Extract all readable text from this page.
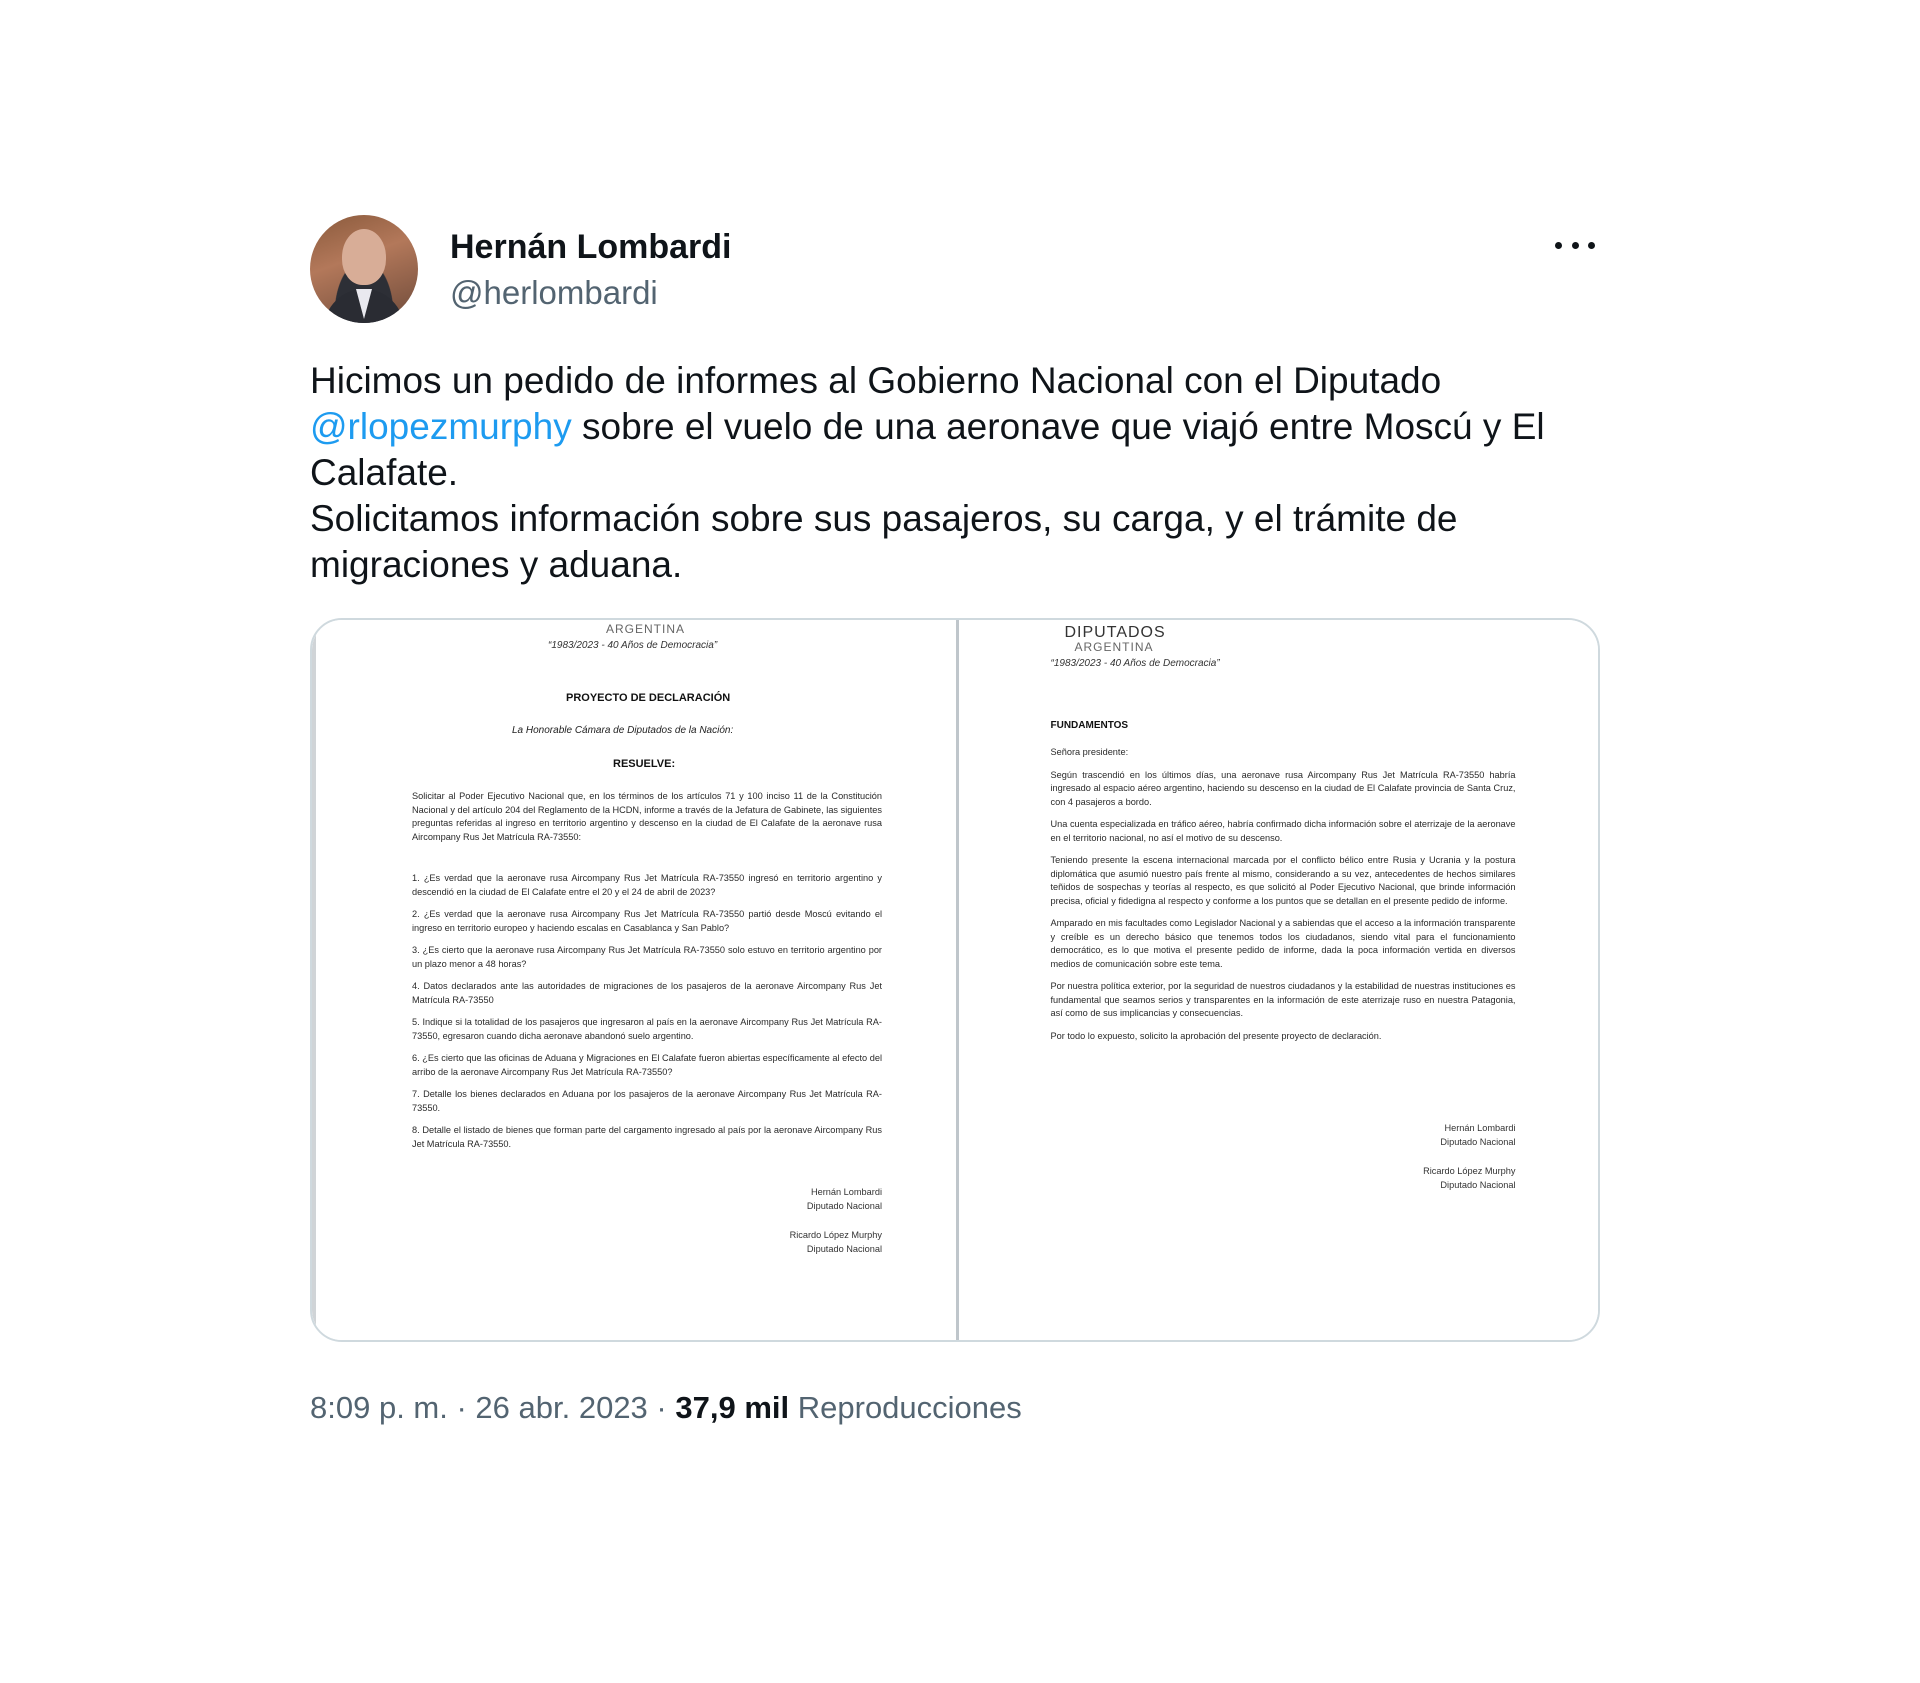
Hernán Lombardi
@herlombardi

Hicimos un pedido de informes al Gobierno Nacional con el Diputado
@rlopezmurphy sobre el vuelo de una aeronave que viajó entre Moscú y El Calafate.

Solicitamos información sobre sus pasajeros, su carga, y el trámite de migraciones y aduana.

ARGENTINA
“1983/2023 - 40 Años de Democracia”
PROYECTO DE DECLARACIÓN
La Honorable Cámara de Diputados de la Nación:
RESUELVE:

Solicitar al Poder Ejecutivo Nacional que, en los términos de los artículos 71 y 100 inciso 11 de la Constitución Nacional y del artículo 204 del Reglamento de la HCDN, informe a través de la Jefatura de Gabinete, las siguientes preguntas referidas al ingreso en territorio argentino y descenso en la ciudad de El Calafate de la aeronave rusa Aircompany Rus Jet Matrícula RA-73550:

1. ¿Es verdad que la aeronave rusa Aircompany Rus Jet Matrícula RA-73550 ingresó en territorio argentino y descendió en la ciudad de El Calafate entre el 20 y el 24 de abril de 2023?

2. ¿Es verdad que la aeronave rusa Aircompany Rus Jet Matrícula RA-73550 partió desde Moscú evitando el ingreso en territorio europeo y haciendo escalas en Casablanca y San Pablo?

3. ¿Es cierto que la aeronave rusa Aircompany Rus Jet Matrícula RA-73550 solo estuvo en territorio argentino por un plazo menor a 48 horas?

4. Datos declarados ante las autoridades de migraciones de los pasajeros de la aeronave Aircompany Rus Jet Matrícula RA-73550

5. Indique si la totalidad de los pasajeros que ingresaron al país en la aeronave Aircompany Rus Jet Matrícula RA-73550, egresaron cuando dicha aeronave abandonó suelo argentino.

6. ¿Es cierto que las oficinas de Aduana y Migraciones en El Calafate fueron abiertas específicamente al efecto del arribo de la aeronave Aircompany Rus Jet Matrícula RA-73550?

7. Detalle los bienes declarados en Aduana por los pasajeros de la aeronave Aircompany Rus Jet Matrícula RA-73550.

8. Detalle el listado de bienes que forman parte del cargamento ingresado al país por la aeronave Aircompany Rus Jet Matrícula RA-73550.

Hernán Lombardi
Diputado Nacional
Ricardo López Murphy
Diputado Nacional
DIPUTADOS
ARGENTINA
“1983/2023 - 40 Años de Democracia”
FUNDAMENTOS

Señora presidente:

Según trascendió en los últimos días, una aeronave rusa Aircompany Rus Jet Matrícula RA-73550 habría ingresado al espacio aéreo argentino, haciendo su descenso en la ciudad de El Calafate provincia de Santa Cruz, con 4 pasajeros a bordo.

Una cuenta especializada en tráfico aéreo, habría confirmado dicha información sobre el aterrizaje de la aeronave en el territorio nacional, no así el motivo de su descenso.

Teniendo presente la escena internacional marcada por el conflicto bélico entre Rusia y Ucrania y la postura diplomática que asumió nuestro país frente al mismo, considerando a su vez, antecedentes de hechos similares teñidos de sospechas y teorías al respecto, es que solicitó al Poder Ejecutivo Nacional, que brinde información precisa, oficial y fidedigna al respecto y conforme a los puntos que se detallan en el presente pedido de informe.

Amparado en mis facultades como Legislador Nacional y a sabiendas que el acceso a la información transparente y creíble es un derecho básico que tenemos todos los ciudadanos, siendo vital para el funcionamiento democrático, es lo que motiva el presente pedido de informe, dada la poca información vertida en diversos medios de comunicación sobre este tema.

Por nuestra política exterior, por la seguridad de nuestros ciudadanos y la estabilidad de nuestras instituciones es fundamental que seamos serios y transparentes en la información de este aterrizaje ruso en nuestra Patagonia, así como de sus implicancias y consecuencias.

Por todo lo expuesto, solicito la aprobación del presente proyecto de declaración.

Hernán Lombardi
Diputado Nacional
Ricardo López Murphy
Diputado Nacional
8:09 p. m. · 26 abr. 2023 · 37,9 mil Reproducciones
